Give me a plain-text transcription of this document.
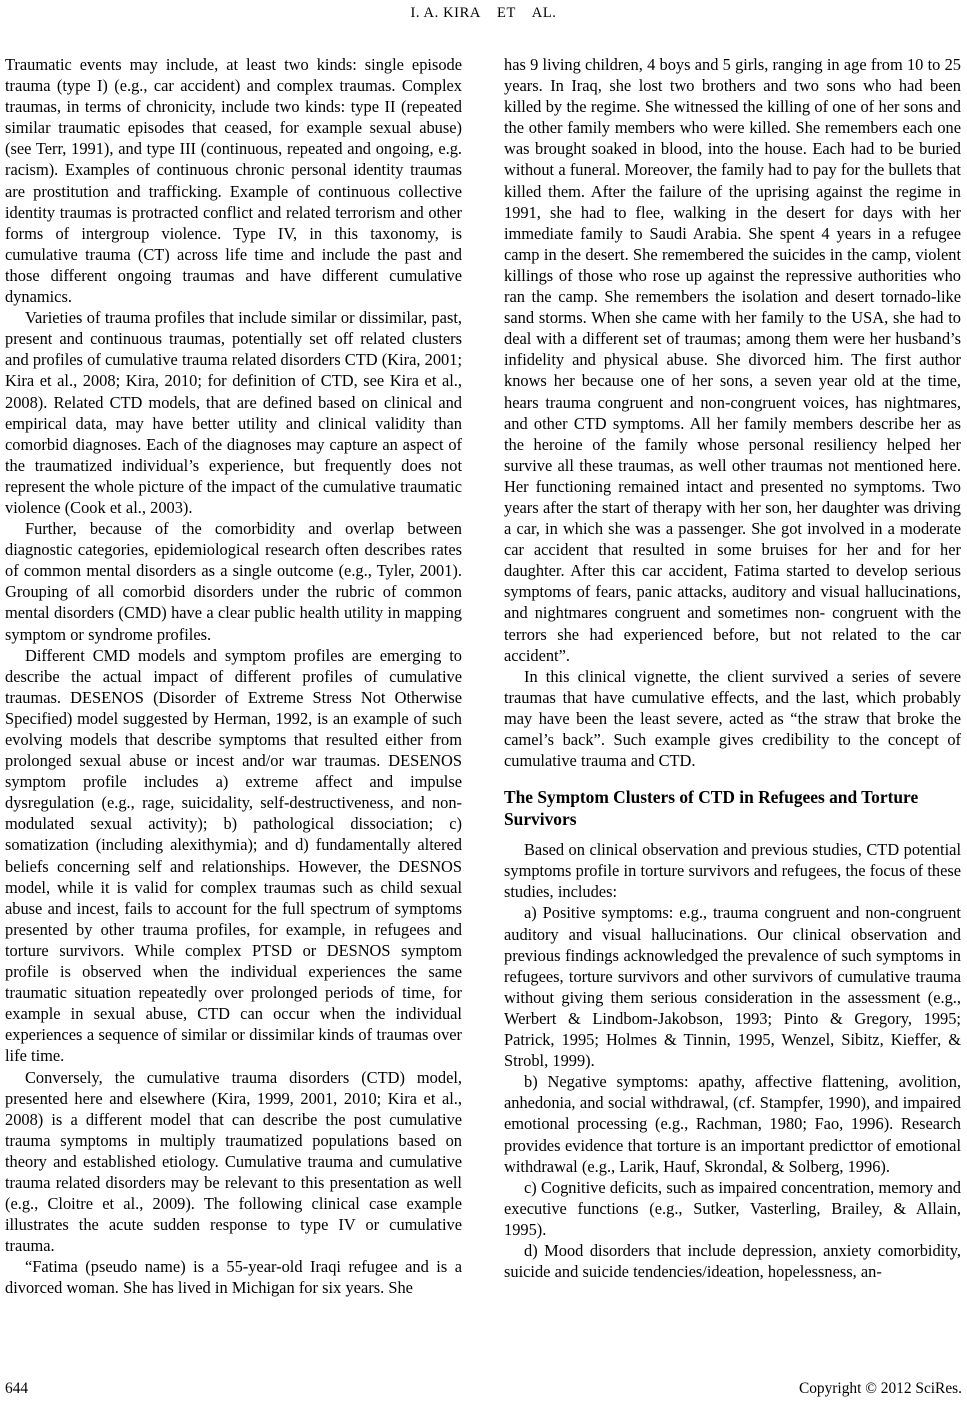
I. A. KIRA    ET    AL.

Traumatic events may include, at least two kinds: single episode trauma (type I) (e.g., car accident) and complex traumas. Complex traumas, in terms of chronicity, include two kinds: type II (repeated similar traumatic episodes that ceased, for example sexual abuse) (see Terr, 1991), and type III (continuous, repeated and ongoing, e.g. racism). Examples of continuous chronic personal identity traumas are prostitution and trafficking. Example of continuous collective identity traumas is protracted conflict and related terrorism and other forms of intergroup violence. Type IV, in this taxonomy, is cumulative trauma (CT) across life time and include the past and those different ongoing traumas and have different cumulative dynamics.

Varieties of trauma profiles that include similar or dissimilar, past, present and continuous traumas, potentially set off related clusters and profiles of cumulative trauma related disorders CTD (Kira, 2001; Kira et al., 2008; Kira, 2010; for definition of CTD, see Kira et al., 2008). Related CTD models, that are defined based on clinical and empirical data, may have better utility and clinical validity than comorbid diagnoses. Each of the diagnoses may capture an aspect of the traumatized individual’s experience, but frequently does not represent the whole picture of the impact of the cumulative traumatic violence (Cook et al., 2003).

Further, because of the comorbidity and overlap between diagnostic categories, epidemiological research often describes rates of common mental disorders as a single outcome (e.g., Tyler, 2001). Grouping of all comorbid disorders under the rubric of common mental disorders (CMD) have a clear public health utility in mapping symptom or syndrome profiles.

Different CMD models and symptom profiles are emerging to describe the actual impact of different profiles of cumulative traumas. DESENOS (Disorder of Extreme Stress Not Otherwise Specified) model suggested by Herman, 1992, is an example of such evolving models that describe symptoms that resulted either from prolonged sexual abuse or incest and/or war traumas. DESENOS symptom profile includes a) extreme affect and impulse dysregulation (e.g., rage, suicidality, self-destructiveness, and non-modulated sexual activity); b) pathological dissociation; c) somatization (including alexithymia); and d) fundamentally altered beliefs concerning self and relationships. However, the DESNOS model, while it is valid for complex traumas such as child sexual abuse and incest, fails to account for the full spectrum of symptoms presented by other trauma profiles, for example, in refugees and torture survivors. While complex PTSD or DESNOS symptom profile is observed when the individual experiences the same traumatic situation repeatedly over prolonged periods of time, for example in sexual abuse, CTD can occur when the individual experiences a sequence of similar or dissimilar kinds of traumas over life time.

Conversely, the cumulative trauma disorders (CTD) model, presented here and elsewhere (Kira, 1999, 2001, 2010; Kira et al., 2008) is a different model that can describe the post cumulative trauma symptoms in multiply traumatized populations based on theory and established etiology. Cumulative trauma and cumulative trauma related disorders may be relevant to this presentation as well (e.g., Cloitre et al., 2009). The following clinical case example illustrates the acute sudden response to type IV or cumulative trauma.

“Fatima (pseudo name) is a 55-year-old Iraqi refugee and is a divorced woman. She has lived in Michigan for six years. She

has 9 living children, 4 boys and 5 girls, ranging in age from 10 to 25 years. In Iraq, she lost two brothers and two sons who had been killed by the regime. She witnessed the killing of one of her sons and the other family members who were killed. She remembers each one was brought soaked in blood, into the house. Each had to be buried without a funeral. Moreover, the family had to pay for the bullets that killed them. After the failure of the uprising against the regime in 1991, she had to flee, walking in the desert for days with her immediate family to Saudi Arabia. She spent 4 years in a refugee camp in the desert. She remembered the suicides in the camp, violent killings of those who rose up against the repressive authorities who ran the camp. She remembers the isolation and desert tornado-like sand storms. When she came with her family to the USA, she had to deal with a different set of traumas; among them were her husband’s infidelity and physical abuse. She divorced him. The first author knows her because one of her sons, a seven year old at the time, hears trauma congruent and non-congruent voices, has nightmares, and other CTD symptoms. All her family members describe her as the heroine of the family whose personal resiliency helped her survive all these traumas, as well other traumas not mentioned here. Her functioning remained intact and presented no symptoms. Two years after the start of therapy with her son, her daughter was driving a car, in which she was a passenger. She got involved in a moderate car accident that resulted in some bruises for her and for her daughter. After this car accident, Fatima started to develop serious symptoms of fears, panic attacks, auditory and visual hallucinations, and nightmares congruent and sometimes non- congruent with the terrors she had experienced before, but not related to the car accident”.

In this clinical vignette, the client survived a series of severe traumas that have cumulative effects, and the last, which probably may have been the least severe, acted as “the straw that broke the camel’s back”. Such example gives credibility to the concept of cumulative trauma and CTD.

The Symptom Clusters of CTD in Refugees and Torture Survivors

Based on clinical observation and previous studies, CTD potential symptoms profile in torture survivors and refugees, the focus of these studies, includes:

a) Positive symptoms: e.g., trauma congruent and non-congruent auditory and visual hallucinations. Our clinical observation and previous findings acknowledged the prevalence of such symptoms in refugees, torture survivors and other survivors of cumulative trauma without giving them serious consideration in the assessment (e.g., Werbert & Lindbom-Jakobson, 1993; Pinto & Gregory, 1995; Patrick, 1995; Holmes & Tinnin, 1995, Wenzel, Sibitz, Kieffer, & Strobl, 1999).

b) Negative symptoms: apathy, affective flattening, avolition, anhedonia, and social withdrawal, (cf. Stampfer, 1990), and impaired emotional processing (e.g., Rachman, 1980; Fao, 1996). Research provides evidence that torture is an important predicttor of emotional withdrawal (e.g., Larik, Hauf, Skrondal, & Solberg, 1996).

c) Cognitive deficits, such as impaired concentration, memory and executive functions (e.g., Sutker, Vasterling, Brailey, & Allain, 1995).

d) Mood disorders that include depression, anxiety comorbidity, suicide and suicide tendencies/ideation, hopelessness, an-

644	Copyright © 2012 SciRes.
